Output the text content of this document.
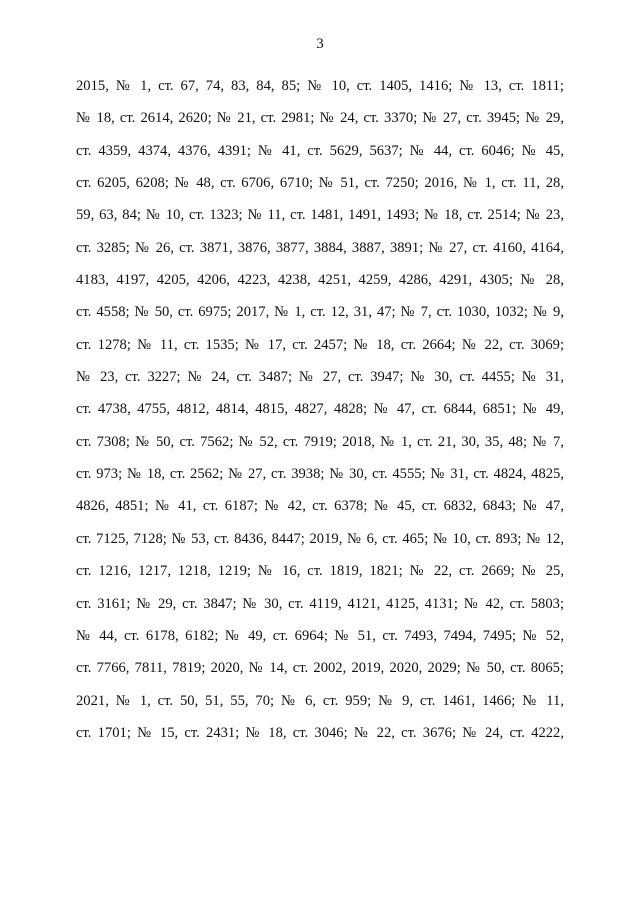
3
2015, № 1, ст. 67, 74, 83, 84, 85; № 10, ст. 1405, 1416; № 13, ст. 1811;
№ 18, ст. 2614, 2620; № 21, ст. 2981; № 24, ст. 3370; № 27, ст. 3945; № 29,
ст. 4359, 4374, 4376, 4391; № 41, ст. 5629, 5637; № 44, ст. 6046; № 45,
ст. 6205, 6208; № 48, ст. 6706, 6710; № 51, ст. 7250; 2016, № 1, ст. 11, 28,
59, 63, 84; № 10, ст. 1323; № 11, ст. 1481, 1491, 1493; № 18, ст. 2514; № 23,
ст. 3285; № 26, ст. 3871, 3876, 3877, 3884, 3887, 3891; № 27, ст. 4160, 4164,
4183, 4197, 4205, 4206, 4223, 4238, 4251, 4259, 4286, 4291, 4305; № 28,
ст. 4558; № 50, ст. 6975; 2017, № 1, ст. 12, 31, 47; № 7, ст. 1030, 1032; № 9,
ст. 1278; № 11, ст. 1535; № 17, ст. 2457; № 18, ст. 2664; № 22, ст. 3069;
№ 23, ст. 3227; № 24, ст. 3487; № 27, ст. 3947; № 30, ст. 4455; № 31,
ст. 4738, 4755, 4812, 4814, 4815, 4827, 4828; № 47, ст. 6844, 6851; № 49,
ст. 7308; № 50, ст. 7562; № 52, ст. 7919; 2018, № 1, ст. 21, 30, 35, 48; № 7,
ст. 973; № 18, ст. 2562; № 27, ст. 3938; № 30, ст. 4555; № 31, ст. 4824, 4825,
4826, 4851; № 41, ст. 6187; № 42, ст. 6378; № 45, ст. 6832, 6843; № 47,
ст. 7125, 7128; № 53, ст. 8436, 8447; 2019, № 6, ст. 465; № 10, ст. 893; № 12,
ст. 1216, 1217, 1218, 1219; № 16, ст. 1819, 1821; № 22, ст. 2669; № 25,
ст. 3161; № 29, ст. 3847; № 30, ст. 4119, 4121, 4125, 4131; № 42, ст. 5803;
№ 44, ст. 6178, 6182; № 49, ст. 6964; № 51, ст. 7493, 7494, 7495; № 52,
ст. 7766, 7811, 7819; 2020, № 14, ст. 2002, 2019, 2020, 2029; № 50, ст. 8065;
2021, № 1, ст. 50, 51, 55, 70; № 6, ст. 959; № 9, ст. 1461, 1466; № 11,
ст. 1701; № 15, ст. 2431; № 18, ст. 3046; № 22, ст. 3676; № 24, ст. 4222,
